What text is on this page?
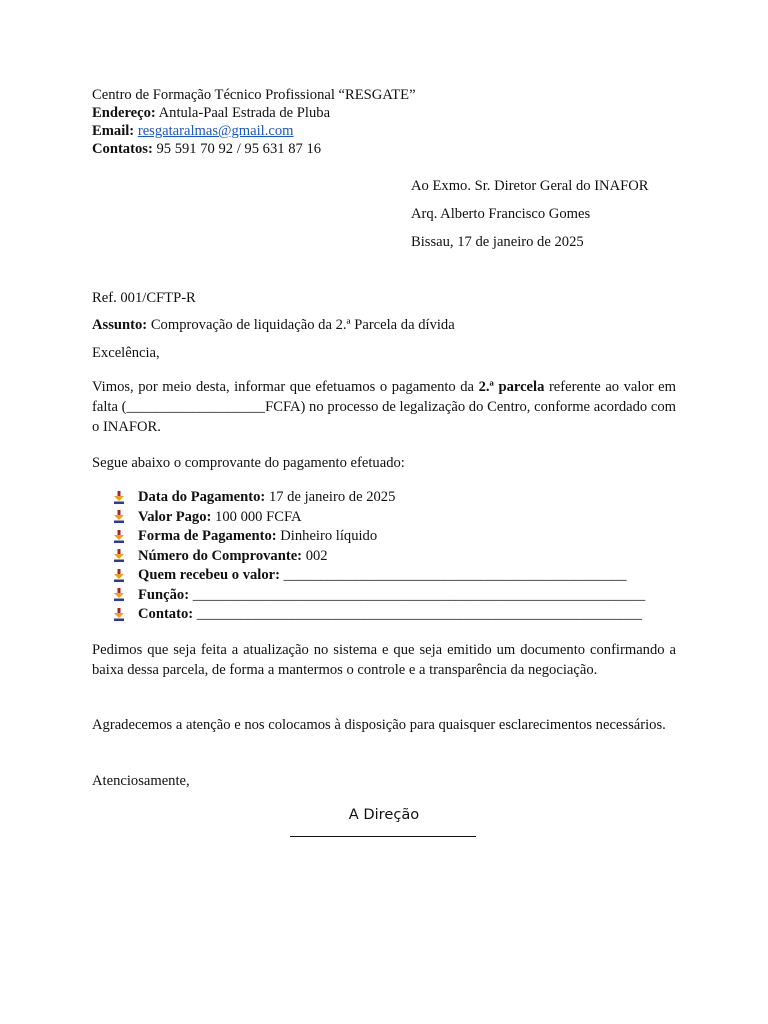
Centro de Formação Técnico Profissional “RESGATE”
Endereço: Antula-Paal Estrada de Pluba
Email: resgataralmas@gmail.com
Contatos: 95 591 70 92 / 95 631 87 16
Ao Exmo. Sr. Diretor Geral do INAFOR
Arq. Alberto Francisco Gomes
Bissau, 17 de janeiro de 2025
Ref. 001/CFTP-R
Assunto: Comprovação de liquidação da 2.ª Parcela da dívida
Excelência,
Vimos, por meio desta, informar que efetuamos o pagamento da 2.ª parcela referente ao valor em falta (___________________FCFA) no processo de legalização do Centro, conforme acordado com o INAFOR.
Segue abaixo o comprovante do pagamento efetuado:
Data do Pagamento:
17 de janeiro de 2025
Valor Pago:
100 000 FCFA
Forma de Pagamento:
Dinheiro líquido
Número do Comprovante:
002
Quem recebeu o valor:
_______________________________________________
Função:
______________________________________________________________
Contato:
_____________________________________________________________
Pedimos que seja feita a atualização no sistema e que seja emitido um documento confirmando a baixa dessa parcela, de forma a mantermos o controle e a transparência da negociação.
Agradecemos a atenção e nos colocamos à disposição para quaisquer esclarecimentos necessários.
Atenciosamente,
A Direção
